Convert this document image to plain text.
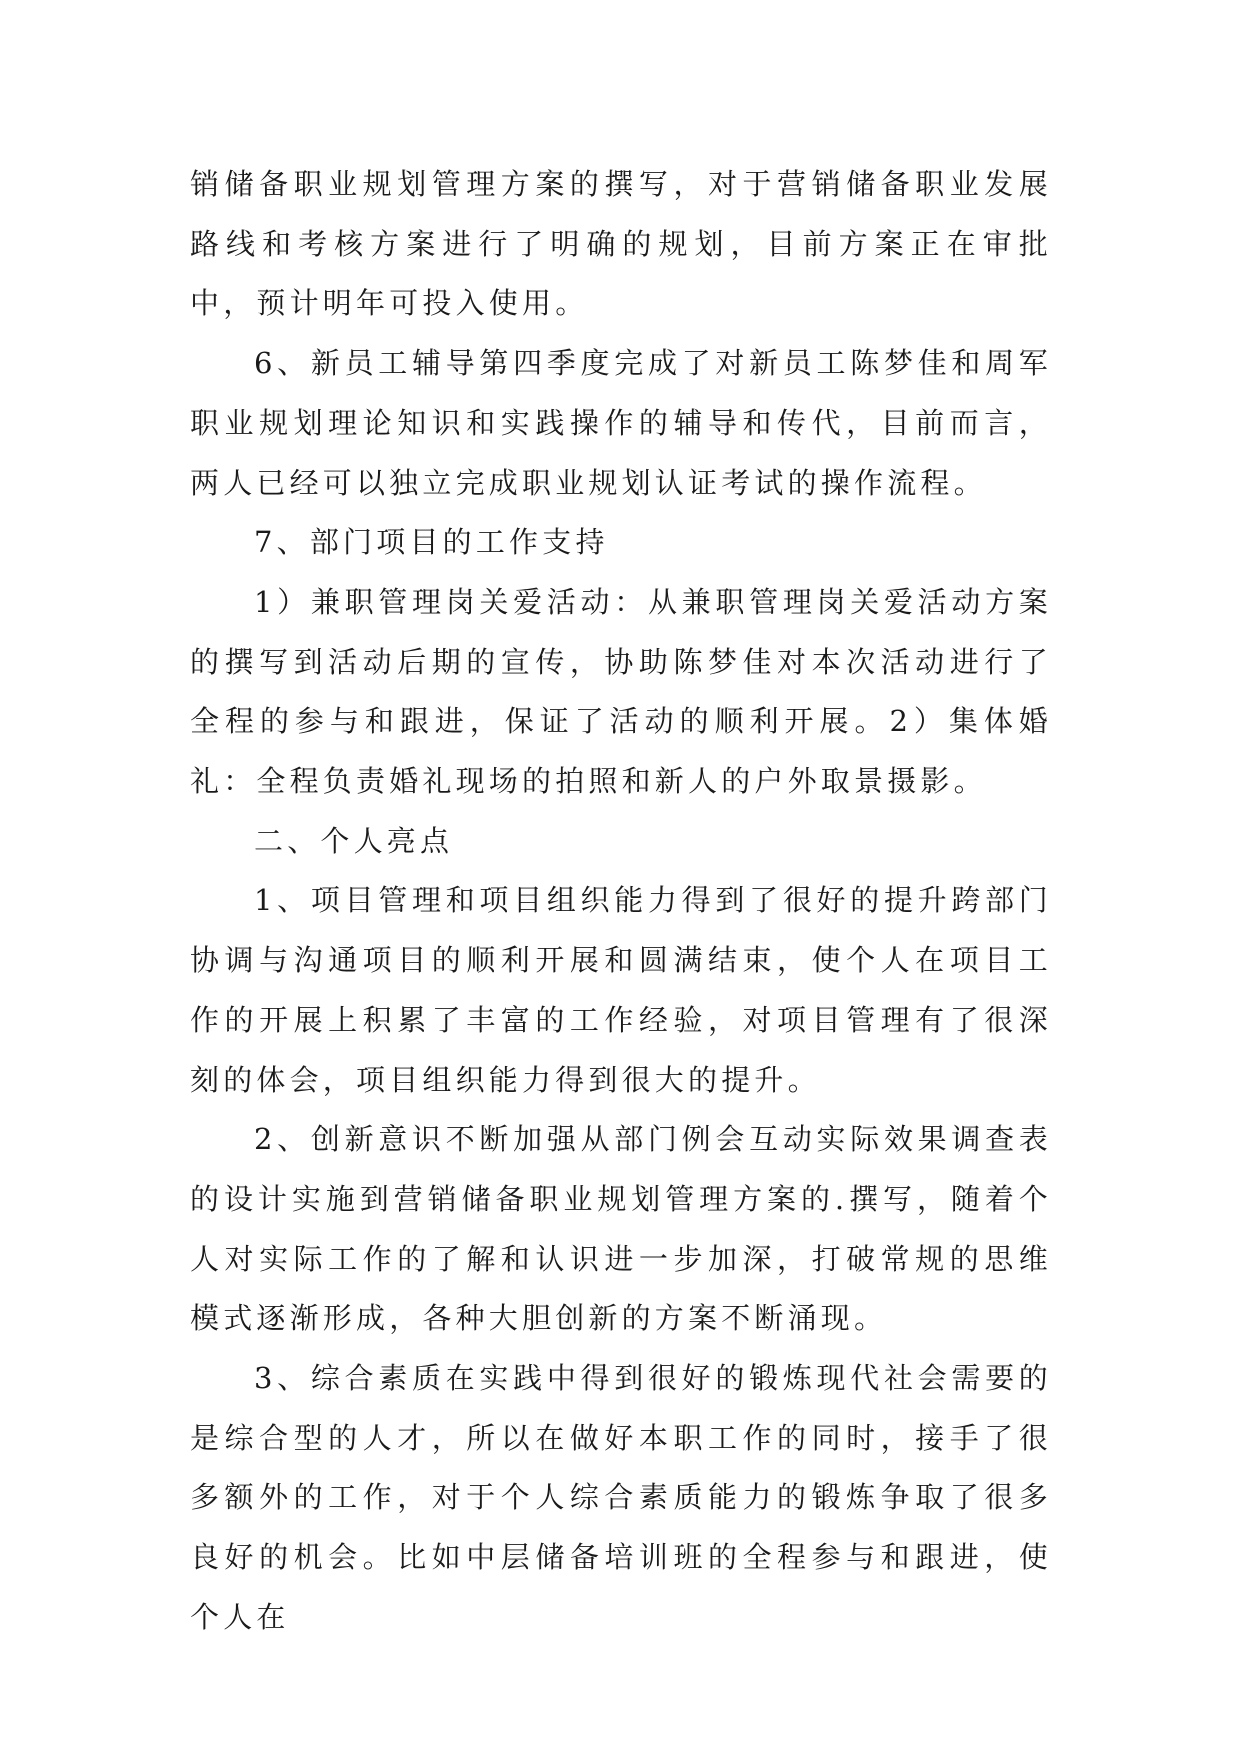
销储备职业规划管理方案的撰写，对于营销储备职业发展路线和考核方案进行了明确的规划，目前方案正在审批中，预计明年可投入使用。

6、新员工辅导第四季度完成了对新员工陈梦佳和周军职业规划理论知识和实践操作的辅导和传代，目前而言，两人已经可以独立完成职业规划认证考试的操作流程。

7、部门项目的工作支持

1）兼职管理岗关爱活动：从兼职管理岗关爱活动方案的撰写到活动后期的宣传，协助陈梦佳对本次活动进行了全程的参与和跟进，保证了活动的顺利开展。2）集体婚礼：全程负责婚礼现场的拍照和新人的户外取景摄影。

二、个人亮点

1、项目管理和项目组织能力得到了很好的提升跨部门协调与沟通项目的顺利开展和圆满结束，使个人在项目工作的开展上积累了丰富的工作经验，对项目管理有了很深刻的体会，项目组织能力得到很大的提升。

2、创新意识不断加强从部门例会互动实际效果调查表的设计实施到营销储备职业规划管理方案的.撰写，随着个人对实际工作的了解和认识进一步加深，打破常规的思维模式逐渐形成，各种大胆创新的方案不断涌现。

3、综合素质在实践中得到很好的锻炼现代社会需要的是综合型的人才，所以在做好本职工作的同时，接手了很多额外的工作，对于个人综合素质能力的锻炼争取了很多良好的机会。比如中层储备培训班的全程参与和跟进，使个人在
